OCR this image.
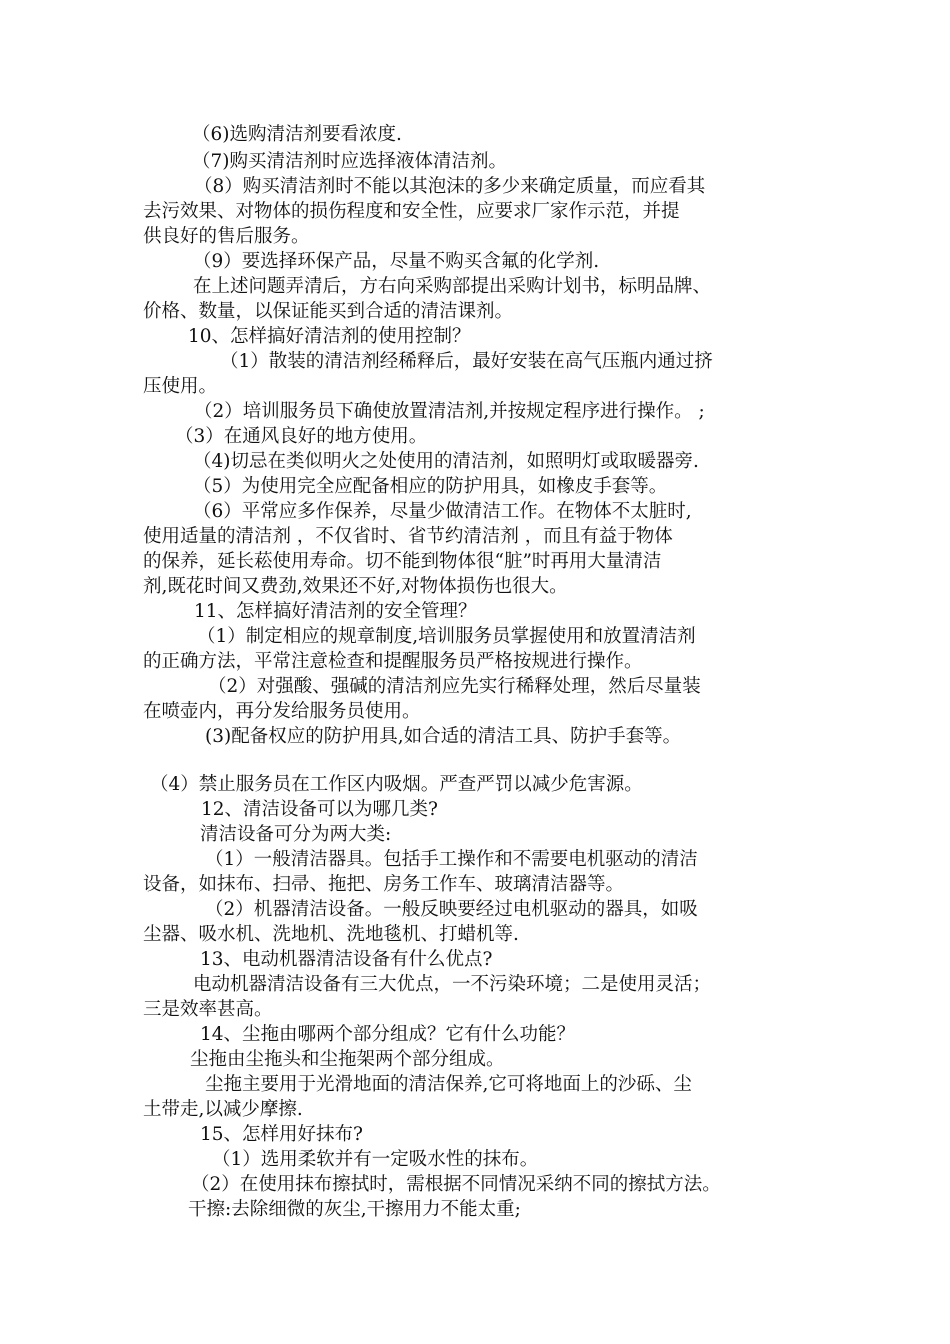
（6)选购清洁剂要看浓度.

（7)购买清洁剂时应选择液体清洁剂。

（8）购买清洁剂时不能以其泡沫的多少来确定质量，而应看其

去污效果、对物体的损伤程度和安全性，应要求厂家作示范，并提

供良好的售后服务。

（9）要选择环保产品，尽量不购买含氟的化学剂.

在上述问题弄清后，方右向采购部提出采购计划书，标明品牌、

价格、数量，以保证能买到合适的清洁课剂。

10、怎样搞好清洁剂的使用控制？

（1）散装的清洁剂经稀释后，最好安装在高气压瓶内通过挤

压使用。

（2）培训服务员下确使放置清洁剂,并按规定程序进行操作。 ;

（3）在通风良好的地方使用。

（4)切忌在类似明火之处使用的清洁剂，如照明灯或取暖器旁.

（5）为使用完全应配备相应的防护用具，如橡皮手套等。

（6）平常应多作保养，尽量少做清洁工作。在物体不太脏时,

使用适量的清洁剂 ，不仅省时、省节约清洁剂 ，而且有益于物体

的保养，延长菘使用寿命。切不能到物体很“脏”时再用大量清洁

剂,既花时间又费劲,效果还不好,对物体损伤也很大。

11、怎样搞好清洁剂的安全管理？

（1）制定相应的规章制度,培训服务员掌握使用和放置清洁剂

的正确方法，平常注意检查和提醒服务员严格按规进行操作。

（2）对强酸、强碱的清洁剂应先实行稀释处理，然后尽量装

在喷壶内，再分发给服务员使用。

(3)配备权应的防护用具,如合适的清洁工具、防护手套等。

（4）禁止服务员在工作区内吸烟。严查严罚以减少危害源。

12、清洁设备可以为哪几类?

清洁设备可分为两大类:

（1）一般清洁器具。包括手工操作和不需要电机驱动的清洁

设备，如抹布、扫帚、拖把、房务工作车、玻璃清洁器等。

（2）机器清洁设备。一般反映要经过电机驱动的器具，如吸

尘器、吸水机、洗地机、洗地毯机、打蜡机等.

13、电动机器清洁设备有什么优点?

电动机器清洁设备有三大优点，一不污染环境；二是使用灵活；

三是效率甚高。

14、尘拖由哪两个部分组成？它有什么功能？

尘拖由尘拖头和尘拖架两个部分组成。

尘拖主要用于光滑地面的清洁保养,它可将地面上的沙砾、尘

土带走,以减少摩擦.

15、怎样用好抹布?

（1）选用柔软并有一定吸水性的抹布。

（2）在使用抹布擦拭时，需根据不同情况采纳不同的擦拭方法。

干擦:去除细微的灰尘,干擦用力不能太重;
